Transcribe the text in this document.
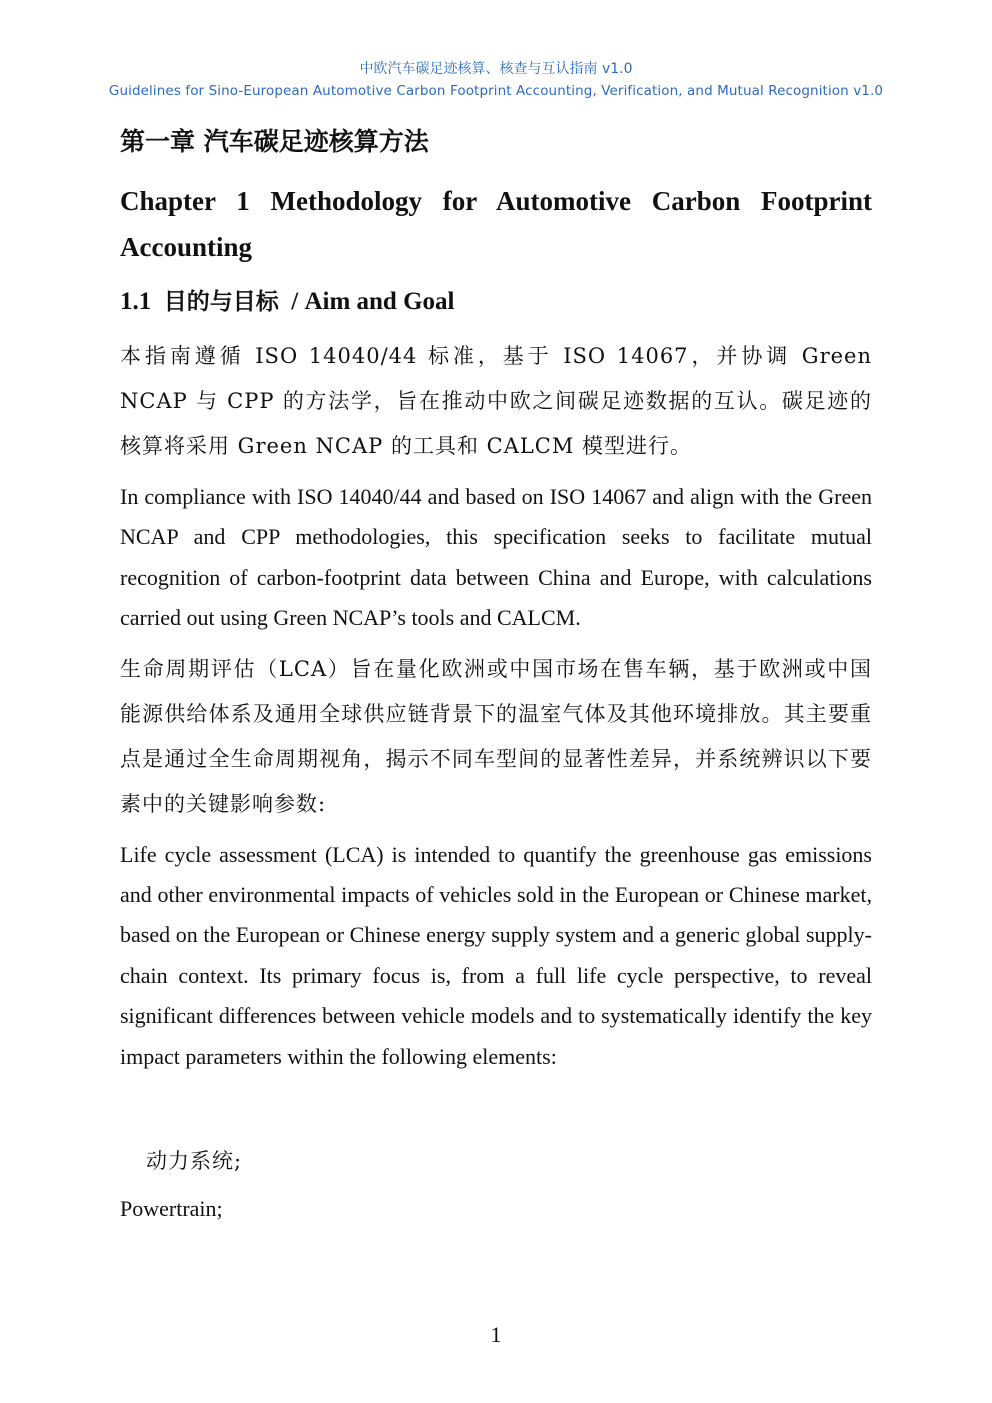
中欧汽车碳足迹核算、核查与互认指南 v1.0
Guidelines for Sino-European Automotive Carbon Footprint Accounting, Verification, and Mutual Recognition v1.0
第一章 汽车碳足迹核算方法
Chapter 1 Methodology for Automotive Carbon Footprint Accounting
1.1 目的与目标 / Aim and Goal

本指南遵循 ISO 14040/44 标准，基于 ISO 14067，并协调 Green NCAP 与 CPP 的方法学，旨在推动中欧之间碳足迹数据的互认。碳足迹的核算将采用 Green NCAP 的工具和 CALCM 模型进行。

In compliance with ISO 14040/44 and based on ISO 14067 and align with the Green NCAP and CPP methodologies, this specification seeks to facilitate mutual recognition of carbon-footprint data between China and Europe, with calculations carried out using Green NCAP’s tools and CALCM.

生命周期评估（LCA）旨在量化欧洲或中国市场在售车辆，基于欧洲或中国能源供给体系及通用全球供应链背景下的温室气体及其他环境排放。其主要重点是通过全生命周期视角，揭示不同车型间的显著性差异，并系统辨识以下要素中的关键影响参数:

Life cycle assessment (LCA) is intended to quantify the greenhouse gas emissions and other environmental impacts of vehicles sold in the European or Chinese market, based on the European or Chinese energy supply system and a generic global supply-chain context. Its primary focus is, from a full life cycle perspective, to reveal significant differences between vehicle models and to systematically identify the key impact parameters within the following elements:

动力系统;

Powertrain;

1
